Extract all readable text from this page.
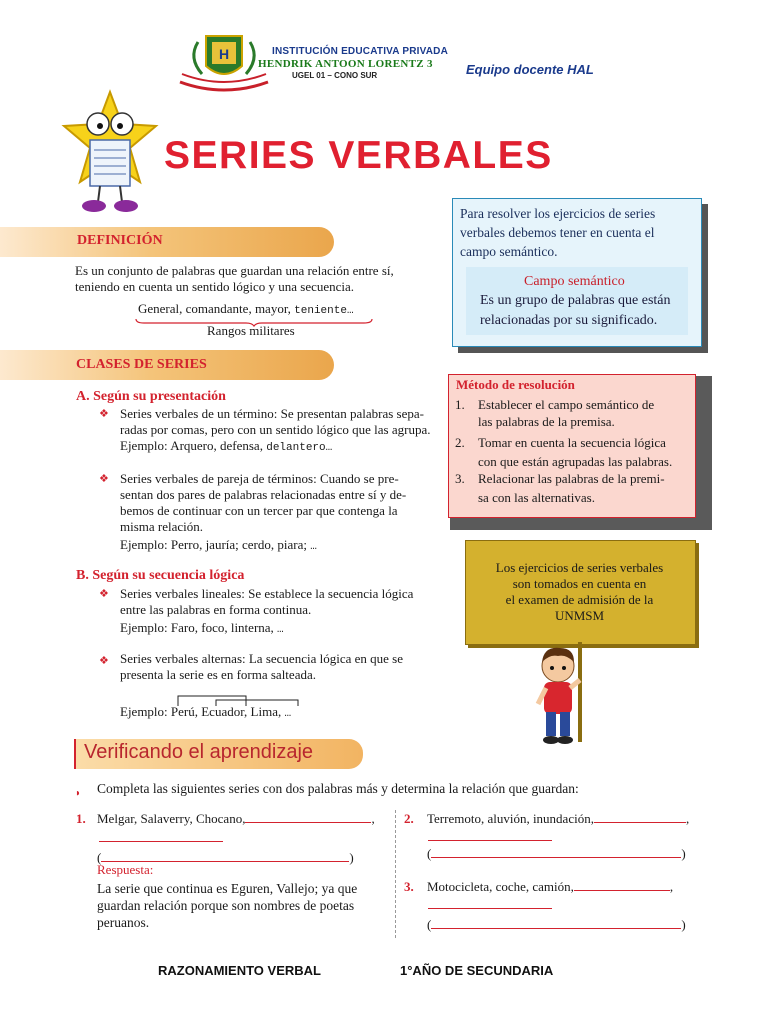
H	INSTITUCIÓN EDUCATIVA PRIVADA
HENDRIK ANTOON LORENTZ 3
UGEL 01 – CONO SUR	Equipo docente HAL
SERIES VERBALES
DEFINICIÓN
Es un conjunto de palabras que guardan una relación entre sí,
teniendo en cuenta un sentido lógico y una secuencia.
General, comandante, mayor, teniente…
Rangos militares
CLASES DE SERIES
A. Según su presentación
❖ Series verbales de un término: Se presentan palabras sepa-
radas por comas, pero con un sentido lógico que las agrupa.
Ejemplo: Arquero, defensa, delantero…
❖ Series verbales de pareja de términos: Cuando se pre-
sentan dos pares de palabras relacionadas entre sí y de-
bemos de continuar con un tercer par que contenga la
misma relación.
Ejemplo: Perro, jauría; cerdo, piara; …
B. Según su secuencia lógica
❖ Series verbales lineales: Se establece la secuencia lógica
entre las palabras en forma continua.
Ejemplo: Faro, foco, linterna, …
❖ Series verbales alternas: La secuencia lógica en que se
presenta la serie es en forma salteada.
Ejemplo: Perú, Ecuador, Lima, …
Para resolver los ejercicios de series
verbales debemos tener en cuenta el
campo semántico.
Campo semántico
Es un grupo de palabras que están
relacionadas por su significado.
Método de resolución
1. Establecer el campo semántico de
las palabras de la premisa.
2. Tomar en cuenta la secuencia lógica
con que están agrupadas las palabras.
3. Relacionar las palabras de la premi-
sa con las alternativas.
Los ejercicios de series verbales
son tomados en cuenta en
el examen de admisión de la
UNMSM
Verificando el aprendizaje
◗ Completa las siguientes series con dos palabras más y determina la relación que guardan:
1. Melgar, Salaverry, Chocano,	,
(	)
Respuesta:
La serie que continua es Eguren, Vallejo; ya que
guardan relación porque son nombres de poetas
peruanos.
2. Terremoto, aluvión, inundación,	,
(	)
3. Motocicleta, coche, camión,	,
(	)
RAZONAMIENTO VERBAL	1°AÑO DE SECUNDARIA
